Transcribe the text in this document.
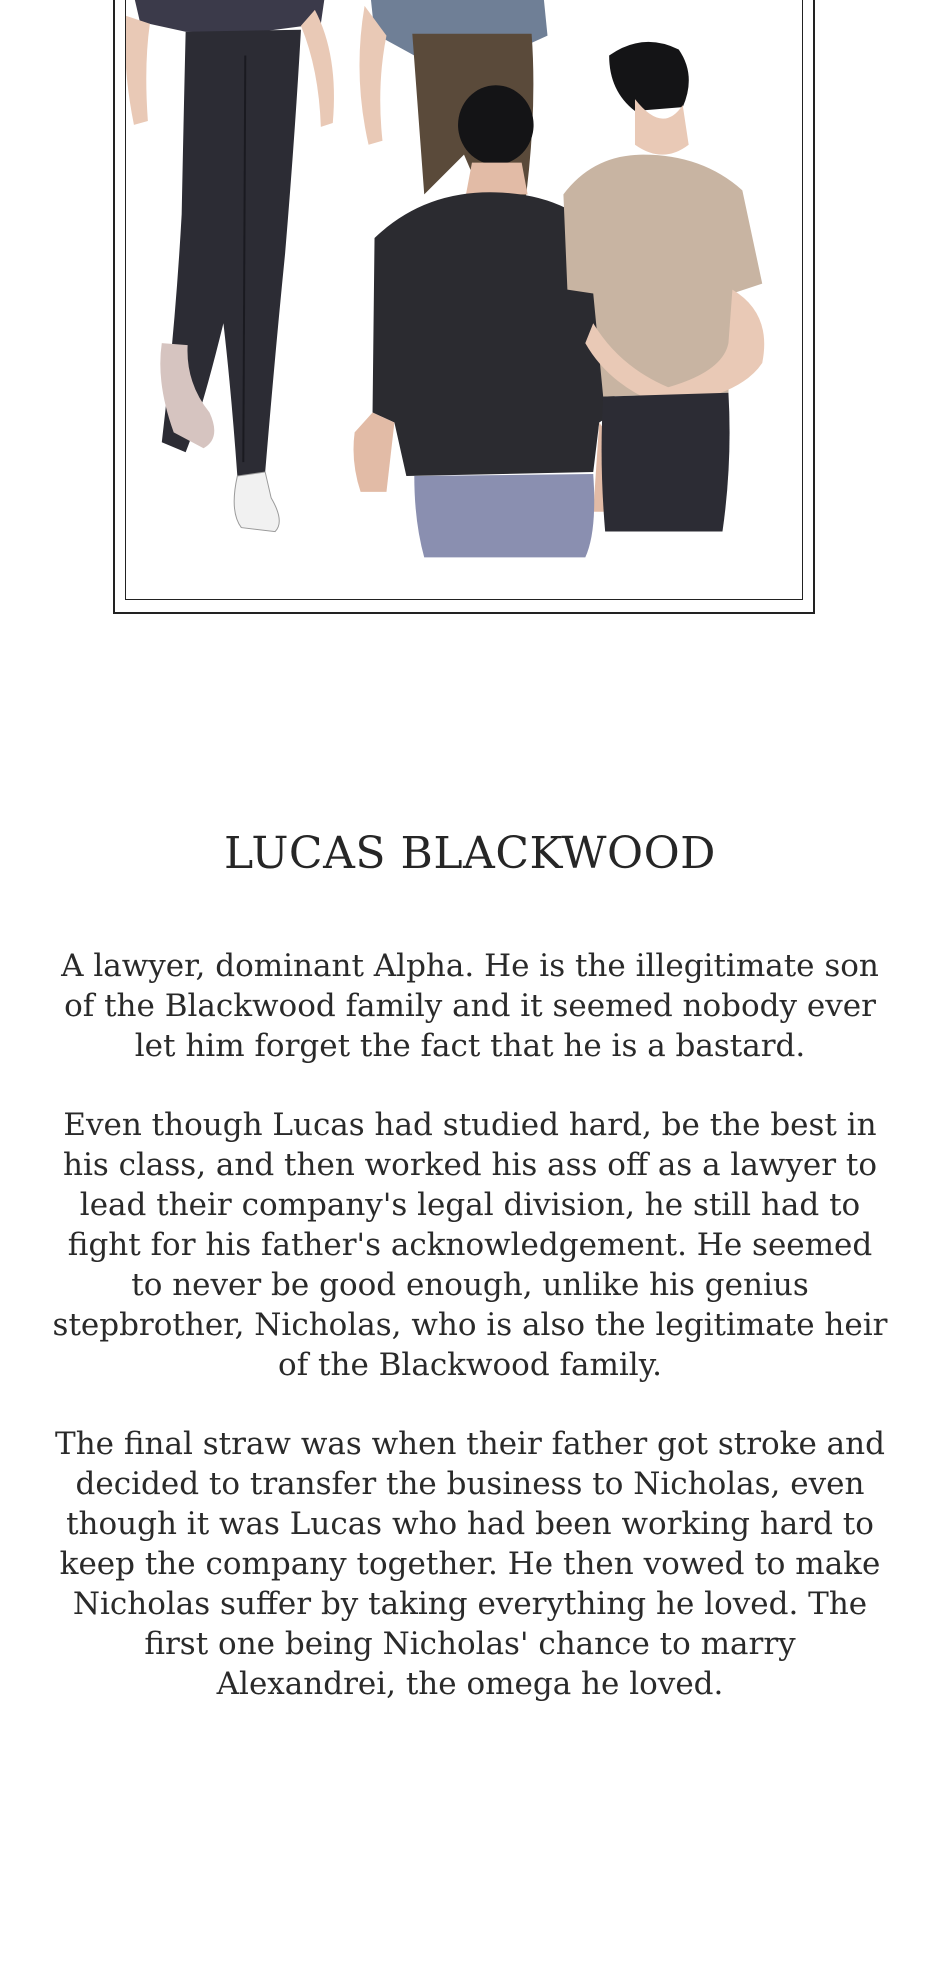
LUCAS BLACKWOOD

A lawyer, dominant Alpha. He is the illegitimate son of the Blackwood family and it seemed nobody ever let him forget the fact that he is a bastard.

Even though Lucas had studied hard, be the best in his class, and then worked his ass off as a lawyer to lead their company's legal division, he still had to fight for his father's acknowledgement. He seemed to never be good enough, unlike his genius stepbrother, Nicholas, who is also the legitimate heir of the Blackwood family.

The final straw was when their father got stroke and decided to transfer the business to Nicholas, even though it was Lucas who had been working hard to keep the company together. He then vowed to make Nicholas suffer by taking everything he loved. The first one being Nicholas' chance to marry Alexandrei, the omega he loved.
